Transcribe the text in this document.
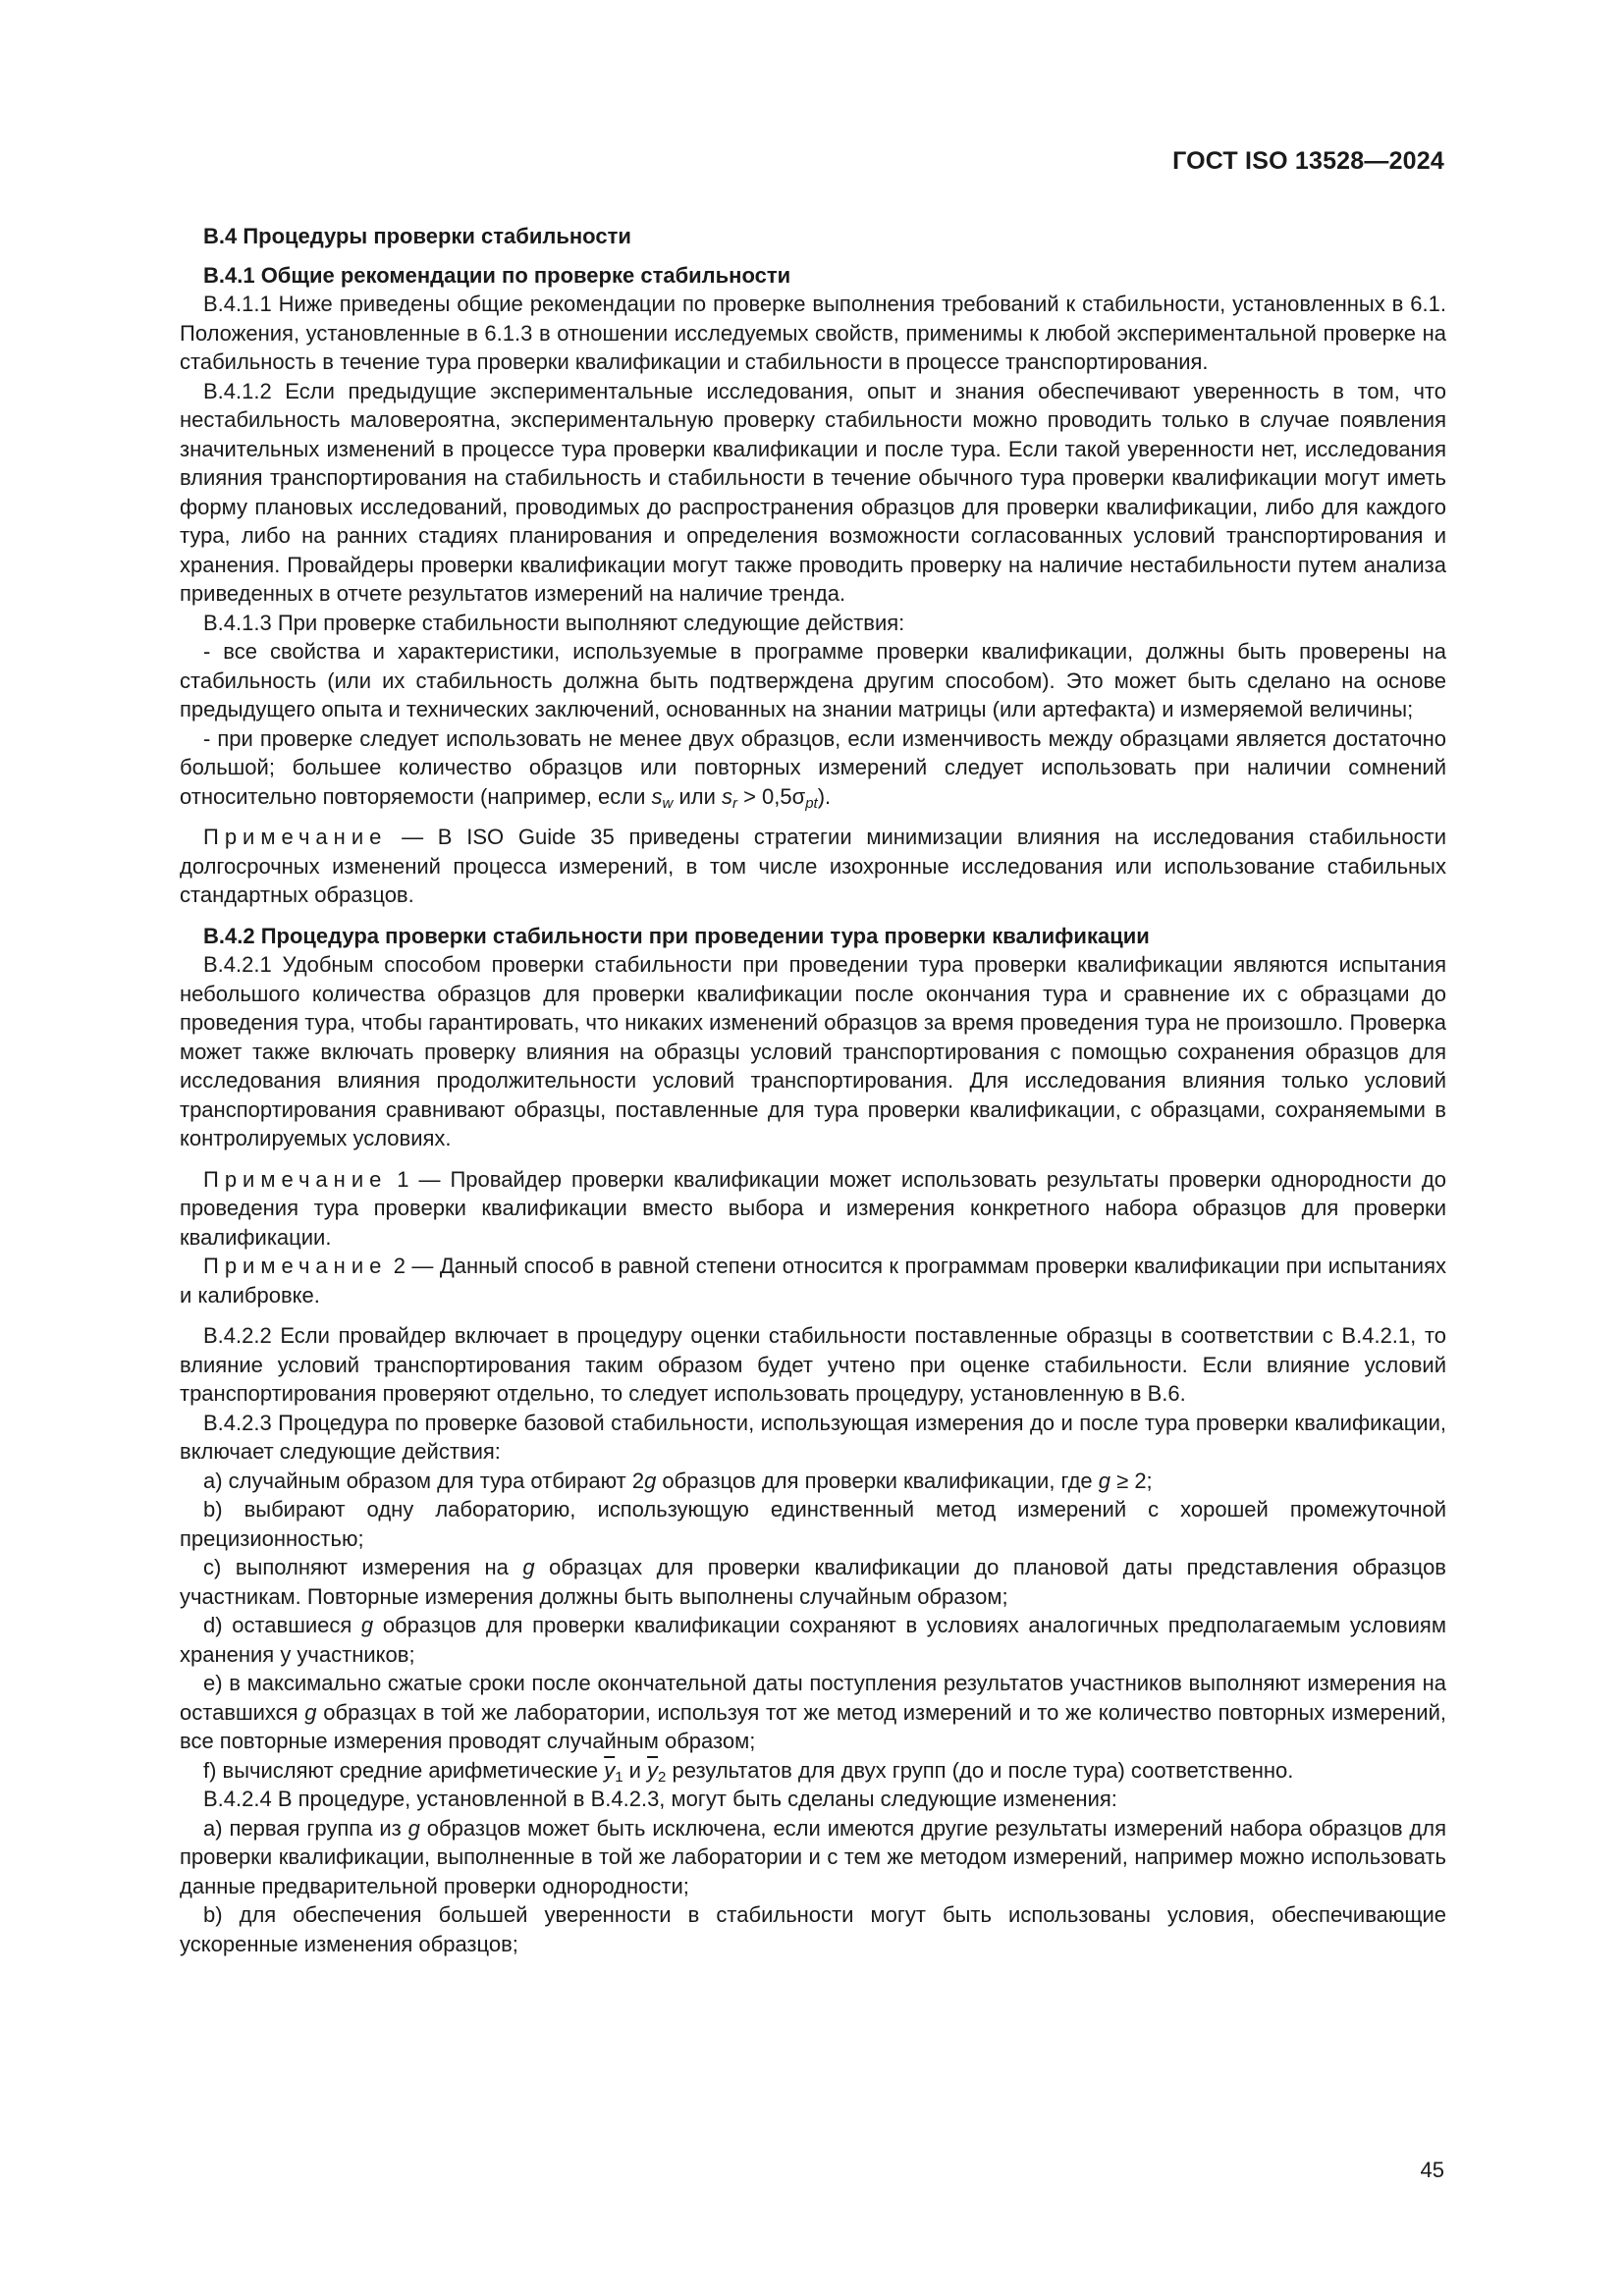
ГОСТ ISO 13528—2024

В.4 Процедуры проверки стабильности

В.4.1 Общие рекомендации по проверке стабильности

В.4.1.1 Ниже приведены общие рекомендации по проверке выполнения требований к стабильности, установленных в 6.1. Положения, установленные в 6.1.3 в отношении исследуемых свойств, применимы к любой экспериментальной проверке на стабильность в течение тура проверки квалификации и стабильности в процессе транспортирования.

В.4.1.2 Если предыдущие экспериментальные исследования, опыт и знания обеспечивают уверенность в том, что нестабильность маловероятна, экспериментальную проверку стабильности можно проводить только в случае появления значительных изменений в процессе тура проверки квалификации и после тура. Если такой уверенности нет, исследования влияния транспортирования на стабильность и стабильности в течение обычного тура проверки квалификации могут иметь форму плановых исследований, проводимых до распространения образцов для проверки квалификации, либо для каждого тура, либо на ранних стадиях планирования и определения возможности согласованных условий транспортирования и хранения. Провайдеры проверки квалификации могут также проводить проверку на наличие нестабильности путем анализа приведенных в отчете результатов измерений на наличие тренда.

В.4.1.3 При проверке стабильности выполняют следующие действия:

- все свойства и характеристики, используемые в программе проверки квалификации, должны быть проверены на стабильность (или их стабильность должна быть подтверждена другим способом). Это может быть сделано на основе предыдущего опыта и технических заключений, основанных на знании матрицы (или артефакта) и измеряемой величины;

- при проверке следует использовать не менее двух образцов, если изменчивость между образцами является достаточно большой; большее количество образцов или повторных измерений следует использовать при наличии сомнений относительно повторяемости (например, если $s_w$ или $s_r > 0,5\sigma_{pt}$).

Примечание — В ISO Guide 35 приведены стратегии минимизации влияния на исследования стабильности долгосрочных изменений процесса измерений, в том числе изохронные исследования или использование стабильных стандартных образцов.

В.4.2 Процедура проверки стабильности при проведении тура проверки квалификации

В.4.2.1 Удобным способом проверки стабильности при проведении тура проверки квалификации являются испытания небольшого количества образцов для проверки квалификации после окончания тура и сравнение их с образцами до проведения тура, чтобы гарантировать, что никаких изменений образцов за время проведения тура не произошло. Проверка может также включать проверку влияния на образцы условий транспортирования с помощью сохранения образцов для исследования влияния продолжительности условий транспортирования. Для исследования влияния только условий транспортирования сравнивают образцы, поставленные для тура проверки квалификации, с образцами, сохраняемыми в контролируемых условиях.

Примечание 1 — Провайдер проверки квалификации может использовать результаты проверки однородности до проведения тура проверки квалификации вместо выбора и измерения конкретного набора образцов для проверки квалификации.

Примечание 2 — Данный способ в равной степени относится к программам проверки квалификации при испытаниях и калибровке.

В.4.2.2 Если провайдер включает в процедуру оценки стабильности поставленные образцы в соответствии с В.4.2.1, то влияние условий транспортирования таким образом будет учтено при оценке стабильности. Если влияние условий транспортирования проверяют отдельно, то следует использовать процедуру, установленную в В.6.

В.4.2.3 Процедура по проверке базовой стабильности, использующая измерения до и после тура проверки квалификации, включает следующие действия:

a) случайным образом для тура отбирают 2g образцов для проверки квалификации, где g ≥ 2;

b) выбирают одну лабораторию, использующую единственный метод измерений с хорошей промежуточной прецизионностью;

c) выполняют измерения на g образцах для проверки квалификации до плановой даты представления образцов участникам. Повторные измерения должны быть выполнены случайным образом;

d) оставшиеся g образцов для проверки квалификации сохраняют в условиях аналогичных предполагаемым условиям хранения у участников;

e) в максимально сжатые сроки после окончательной даты поступления результатов участников выполняют измерения на оставшихся g образцах в той же лаборатории, используя тот же метод измерений и то же количество повторных измерений, все повторные измерения проводят случайным образом;

f) вычисляют средние арифметические $\overline{y}_1$ и $\overline{y}_2$ результатов для двух групп (до и после тура) соответственно.

В.4.2.4 В процедуре, установленной в В.4.2.3, могут быть сделаны следующие изменения:

a) первая группа из g образцов может быть исключена, если имеются другие результаты измерений набора образцов для проверки квалификации, выполненные в той же лаборатории и с тем же методом измерений, например можно использовать данные предварительной проверки однородности;

b) для обеспечения большей уверенности в стабильности могут быть использованы условия, обеспечивающие ускоренные изменения образцов;

45
